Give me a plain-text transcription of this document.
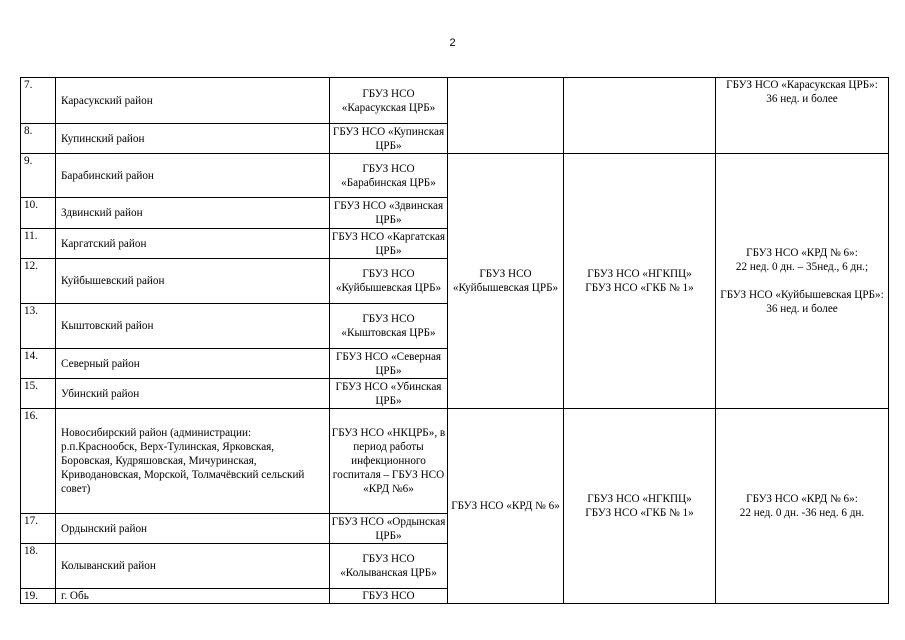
2
7.	Карасукский район	ГБУЗ НСО «Карасукская ЦРБ»			ГБУЗ НСО «Карасукская ЦРБ»:
36 нед. и более
8.	Купинский район	ГБУЗ НСО «Купинская ЦРБ»			
9.	Барабинский район	ГБУЗ НСО «Барабинская ЦРБ»	ГБУЗ НСО «Куйбышевская ЦРБ»	ГБУЗ НСО «НГКПЦ»
ГБУЗ НСО «ГКБ № 1»	ГБУЗ НСО «КРД № 6»:
22 нед. 0 дн. – 35нед., 6 дн.;
ГБУЗ НСО «Куйбышевская ЦРБ»:
36 нед. и более
10.	Здвинский район	ГБУЗ НСО «Здвинская ЦРБ»			
11.	Каргатский район	ГБУЗ НСО «Каргатская ЦРБ»			
12.	Куйбышевский район	ГБУЗ НСО «Куйбышевская ЦРБ»			
13.	Кыштовский район	ГБУЗ НСО «Кыштовская ЦРБ»			
14.	Северный район	ГБУЗ НСО «Северная ЦРБ»			
15.	Убинский район	ГБУЗ НСО «Убинская ЦРБ»			
16.	Новосибирский район (администрации: р.п.Краснообск, Верх-Тулинская, Ярковская, Боровская, Кудряшовская, Мичуринская, Криводановская, Морской, Толмачёвский сельский совет)	ГБУЗ НСО «НКЦРБ», в период работы инфекционного госпиталя – ГБУЗ НСО «КРД №6»	ГБУЗ НСО «КРД № 6»	ГБУЗ НСО «НГКПЦ»
ГБУЗ НСО «ГКБ № 1»	ГБУЗ НСО «КРД № 6»:
22 нед. 0 дн. -36 нед. 6 дн.
17.	Ордынский район	ГБУЗ НСО «Ордынская ЦРБ»			
18.	Колыванский район	ГБУЗ НСО «Колыванская ЦРБ»			
19.	г. Обь	ГБУЗ НСО			
